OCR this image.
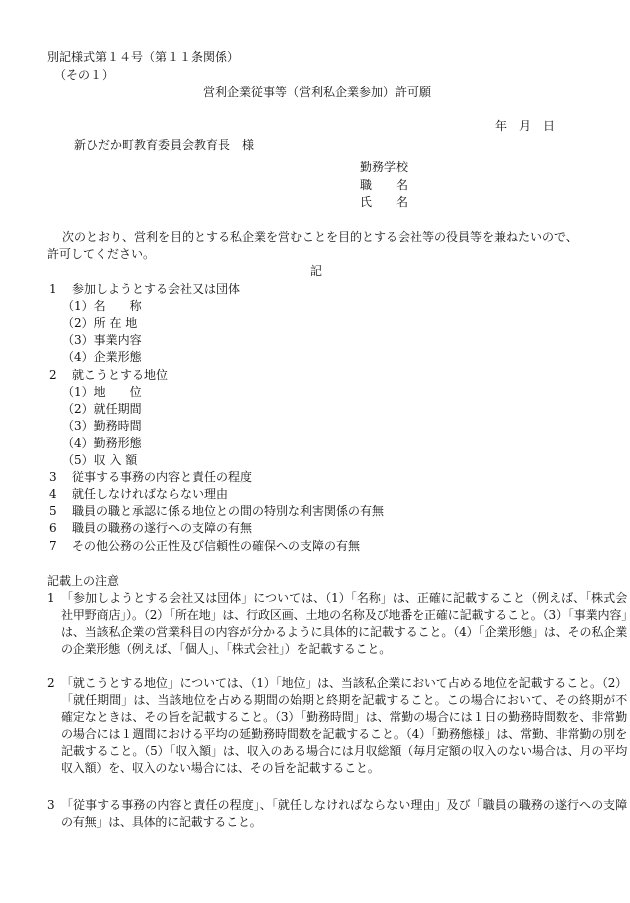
別記様式第１４号（第１１条関係）
（その１）
営利企業従事等（営利私企業参加）許可願
年　月　日
新ひだか町教育委員会教育長　様
勤務学校
職　　名
氏　　名
次のとおり、営利を目的とする私企業を営むことを目的とする会社等の役員等を兼ねたいので、
許可してください。
記
1 参加しようとする会社又は団体
（1）名　　称
（2）所 在 地
（3）事業内容
（4）企業形態
2 就こうとする地位
（1）地　　位
（2）就任期間
（3）勤務時間
（4）勤務形態
（5）収 入 額
3 従事する事務の内容と責任の程度
4 就任しなければならない理由
5 職員の職と承認に係る地位との間の特別な利害関係の有無
6 職員の職務の遂行への支障の有無
7 その他公務の公正性及び信頼性の確保への支障の有無
記載上の注意
1 「参加しようとする会社又は団体」については、（1）「名称」は、正確に記載すること（例えば、「株式会社甲野商店」）。（2）「所在地」は、行政区画、土地の名称及び地番を正確に記載すること。（3）「事業内容」は、当該私企業の営業科目の内容が分かるように具体的に記載すること。（4）「企業形態」は、その私企業の企業形態（例えば、「個人」、「株式会社」）を記載すること。
2 「就こうとする地位」については、（1）「地位」は、当該私企業において占める地位を記載すること。（2）「就任期間」は、当該地位を占める期間の始期と終期を記載すること。この場合において、その終期が不確定なときは、その旨を記載すること。（3）「勤務時間」は、常勤の場合には１日の勤務時間数を、非常勤の場合には１週間における平均の延勤務時間数を記載すること。（4）「勤務態様」は、常勤、非常勤の別を記載すること。（5）「収入額」は、収入のある場合には月収総額（毎月定額の収入のない場合は、月の平均収入額）を、収入のない場合には、その旨を記載すること。
3 「従事する事務の内容と責任の程度」、「就任しなければならない理由」及び「職員の職務の遂行への支障の有無」は、具体的に記載すること。
